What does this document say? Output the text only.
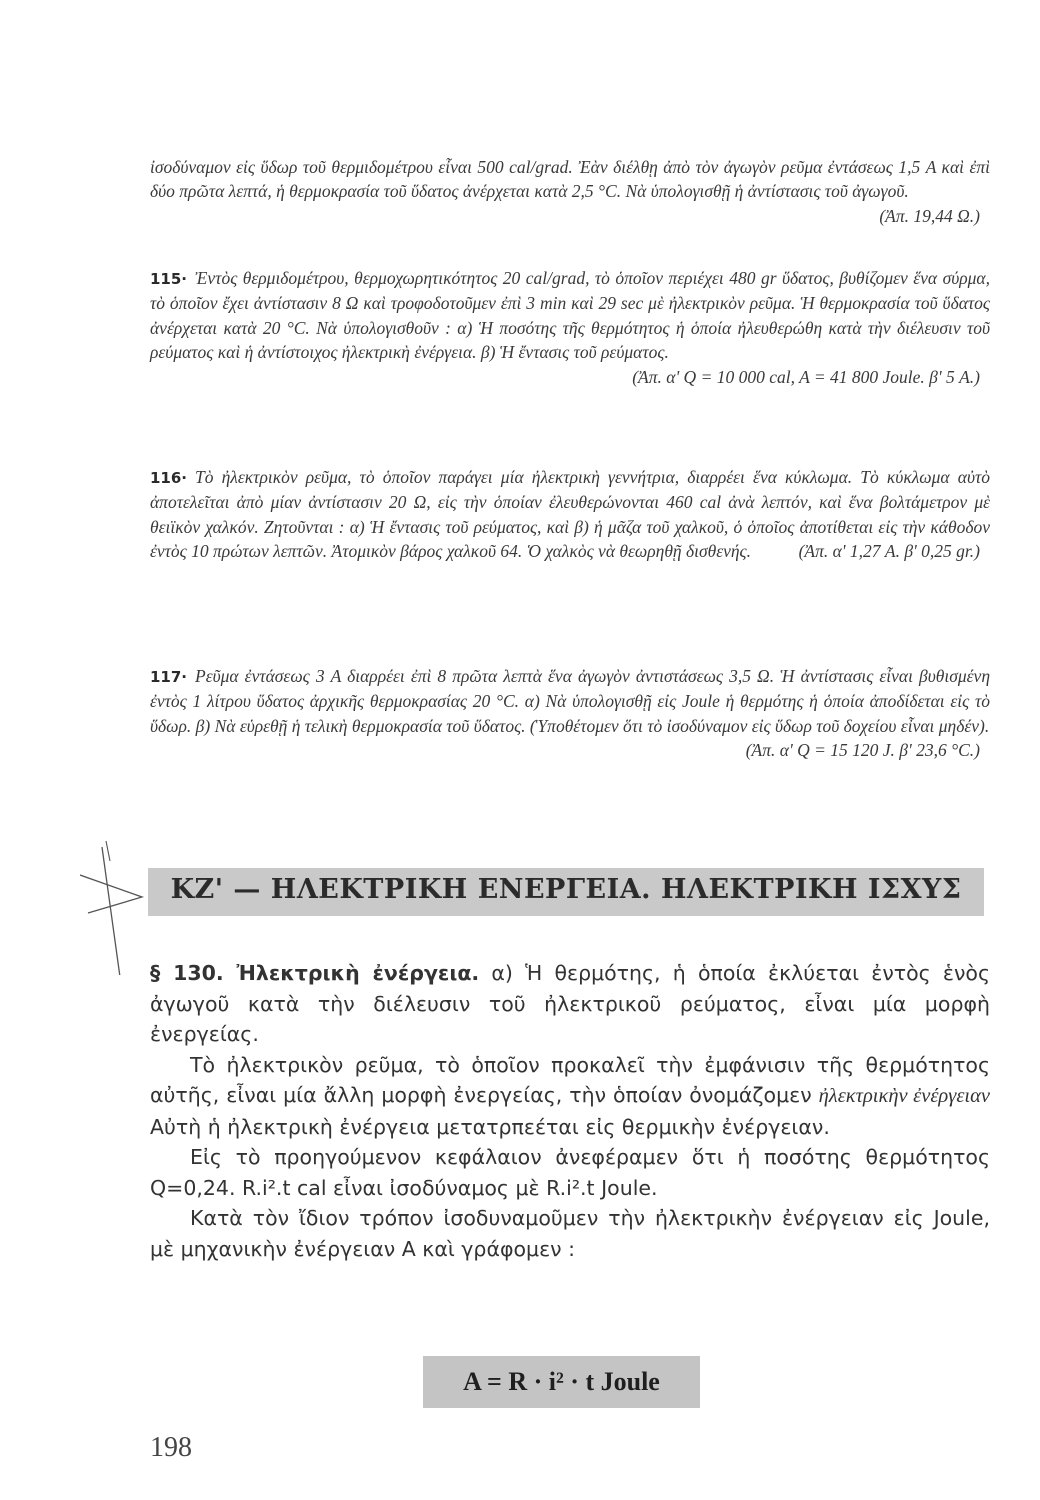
ἰσοδύναμον εἰς ὕδωρ τοῦ θερμιδομέτρου εἶναι 500 cal/grad. Ἐὰν διέλθῃ ἀπὸ τὸν ἀγωγὸν ρεῦμα ἐντάσεως 1,5 A καὶ ἐπὶ δύο πρῶτα λεπτά, ἡ θερμοκρασία τοῦ ὕδατος ἀνέρχεται κατὰ 2,5 °C. Νὰ ὑπολογισθῇ ἡ ἀντίστασις τοῦ ἀγωγοῦ.
(Ἀπ. 19,44 Ω.)

115· Ἐντὸς θερμιδομέτρου, θερμοχωρητικότητος 20 cal/grad, τὸ ὁποῖον περιέχει 480 gr ὕδατος, βυθίζομεν ἕνα σύρμα, τὸ ὁποῖον ἔχει ἀντίστασιν 8 Ω καὶ τροφοδοτοῦμεν ἐπὶ 3 min καὶ 29 sec μὲ ἠλεκτρικὸν ρεῦμα. Ἡ θερμοκρασία τοῦ ὕδατος ἀνέρχεται κατὰ 20 °C. Νὰ ὑπολογισθοῦν : α) Ἡ ποσότης τῆς θερμότητος ἡ ὁποία ἠλευθερώθη κατὰ τὴν διέλευσιν τοῦ ρεύματος καὶ ἡ ἀντίστοιχος ἠλεκτρικὴ ἐνέργεια. β) Ἡ ἔντασις τοῦ ρεύματος.
(Ἀπ. α' Q = 10 000 cal, A = 41 800 Joule. β' 5 A.)

116· Τὸ ἠλεκτρικὸν ρεῦμα, τὸ ὁποῖον παράγει μία ἠλεκτρικὴ γεννήτρια, διαρρέει ἕνα κύκλωμα. Τὸ κύκλωμα αὐτὸ ἀποτελεῖται ἀπὸ μίαν ἀντίστασιν 20 Ω, εἰς τὴν ὁποίαν ἐλευθερώνονται 460 cal ἀνὰ λεπτόν, καὶ ἕνα βολτάμετρον μὲ θειϊκὸν χαλκόν. Ζητοῦνται : α) Ἡ ἔντασις τοῦ ρεύματος, καὶ β) ἡ μᾶζα τοῦ χαλκοῦ, ὁ ὁποῖος ἀποτίθεται εἰς τὴν κάθοδον ἐντὸς 10 πρώτων λεπτῶν. Ἀτομικὸν βάρος χαλκοῦ 64. Ὁ χαλκὸς νὰ θεωρηθῇ δισθενής.	(Ἀπ. α' 1,27 A. β' 0,25 gr.)

117· Ρεῦμα ἐντάσεως 3 A διαρρέει ἐπὶ 8 πρῶτα λεπτὰ ἕνα ἀγωγὸν ἀντιστάσεως 3,5 Ω. Ἡ ἀντίστασις εἶναι βυθισμένη ἐντὸς 1 λίτρου ὕδατος ἀρχικῆς θερμοκρασίας 20 °C. α) Νὰ ὑπολογισθῇ εἰς Joule ἡ θερμότης ἡ ὁποία ἀποδίδεται εἰς τὸ ὕδωρ. β) Νὰ εὑρεθῇ ἡ τελικὴ θερμοκρασία τοῦ ὕδατος. (Ὑποθέτομεν ὅτι τὸ ἰσοδύναμον εἰς ὕδωρ τοῦ δοχείου εἶναι μηδέν).
(Ἀπ. α' Q = 15 120 J. β' 23,6 °C.)

ΚΖ' — ΗΛΕΚΤΡΙΚΗ ΕΝΕΡΓΕΙΑ. ΗΛΕΚΤΡΙΚΗ ΙΣΧΥΣ

§ 130. Ἠλεκτρικὴ ἐνέργεια. α) Ἡ θερμότης, ἡ ὁποία ἐκλύεται ἐντὸς ἑνὸς ἀγωγοῦ κατὰ τὴν διέλευσιν τοῦ ἠλεκτρικοῦ ρεύματος, εἶναι μία μορφὴ ἐνεργείας.

Τὸ ἠλεκτρικὸν ρεῦμα, τὸ ὁποῖον προκαλεῖ τὴν ἐμφάνισιν τῆς θερμότητος αὐτῆς, εἶναι μία ἄλλη μορφὴ ἐνεργείας, τὴν ὁποίαν ὀνομάζομεν ἠλεκτρικὴν ἐνέργειαν Αὐτὴ ἡ ἠλεκτρικὴ ἐνέργεια μετατρπεέται εἰς θερμικὴν ἐνέργειαν.

Εἰς τὸ προηγούμενον κεφάλαιον ἀνεφέραμεν ὅτι ἡ ποσότης θερμότητος Q=0,24. R.i².t cal εἶναι ἰσοδύναμος μὲ R.i².t Joule.

Κατὰ τὸν ἴδιον τρόπον ἰσοδυναμοῦμεν τὴν ἠλεκτρικὴν ἐνέργειαν εἰς Joule, μὲ μηχανικὴν ἐνέργειαν A καὶ γράφομεν :

A = R · i² · t Joule
198
